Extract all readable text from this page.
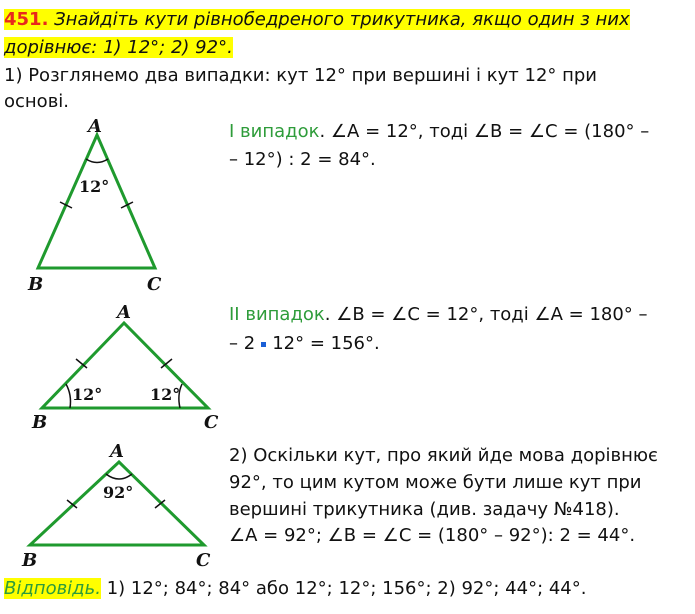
451. Знайдіть кути рівнобедреного трикутника, якщо один з них
дорівнює: 1) 12°; 2) 92°.
1) Розглянемо два випадки: кут 12° при вершині і кут 12° при
основі.
І випадок. ∠A = 12°, тоді ∠B = ∠C = (180° –
– 12°) : 2 = 84°.
ІІ випадок. ∠B = ∠C = 12°, тоді ∠A = 180° –
– 2 12° = 156°.
2) Оскільки кут, про який йде мова дорівнює
92°, то цим кутом може бути лише кут при
вершині трикутника (див. задачу №418).
∠A = 92°; ∠B = ∠C = (180° – 92°): 2 = 44°.
Відповідь. 1) 12°; 84°; 84° або 12°; 12°; 156°; 2) 92°; 44°; 44°.
A
B	C
12°
A
B	C
12°	12°
A
B	C
92°
